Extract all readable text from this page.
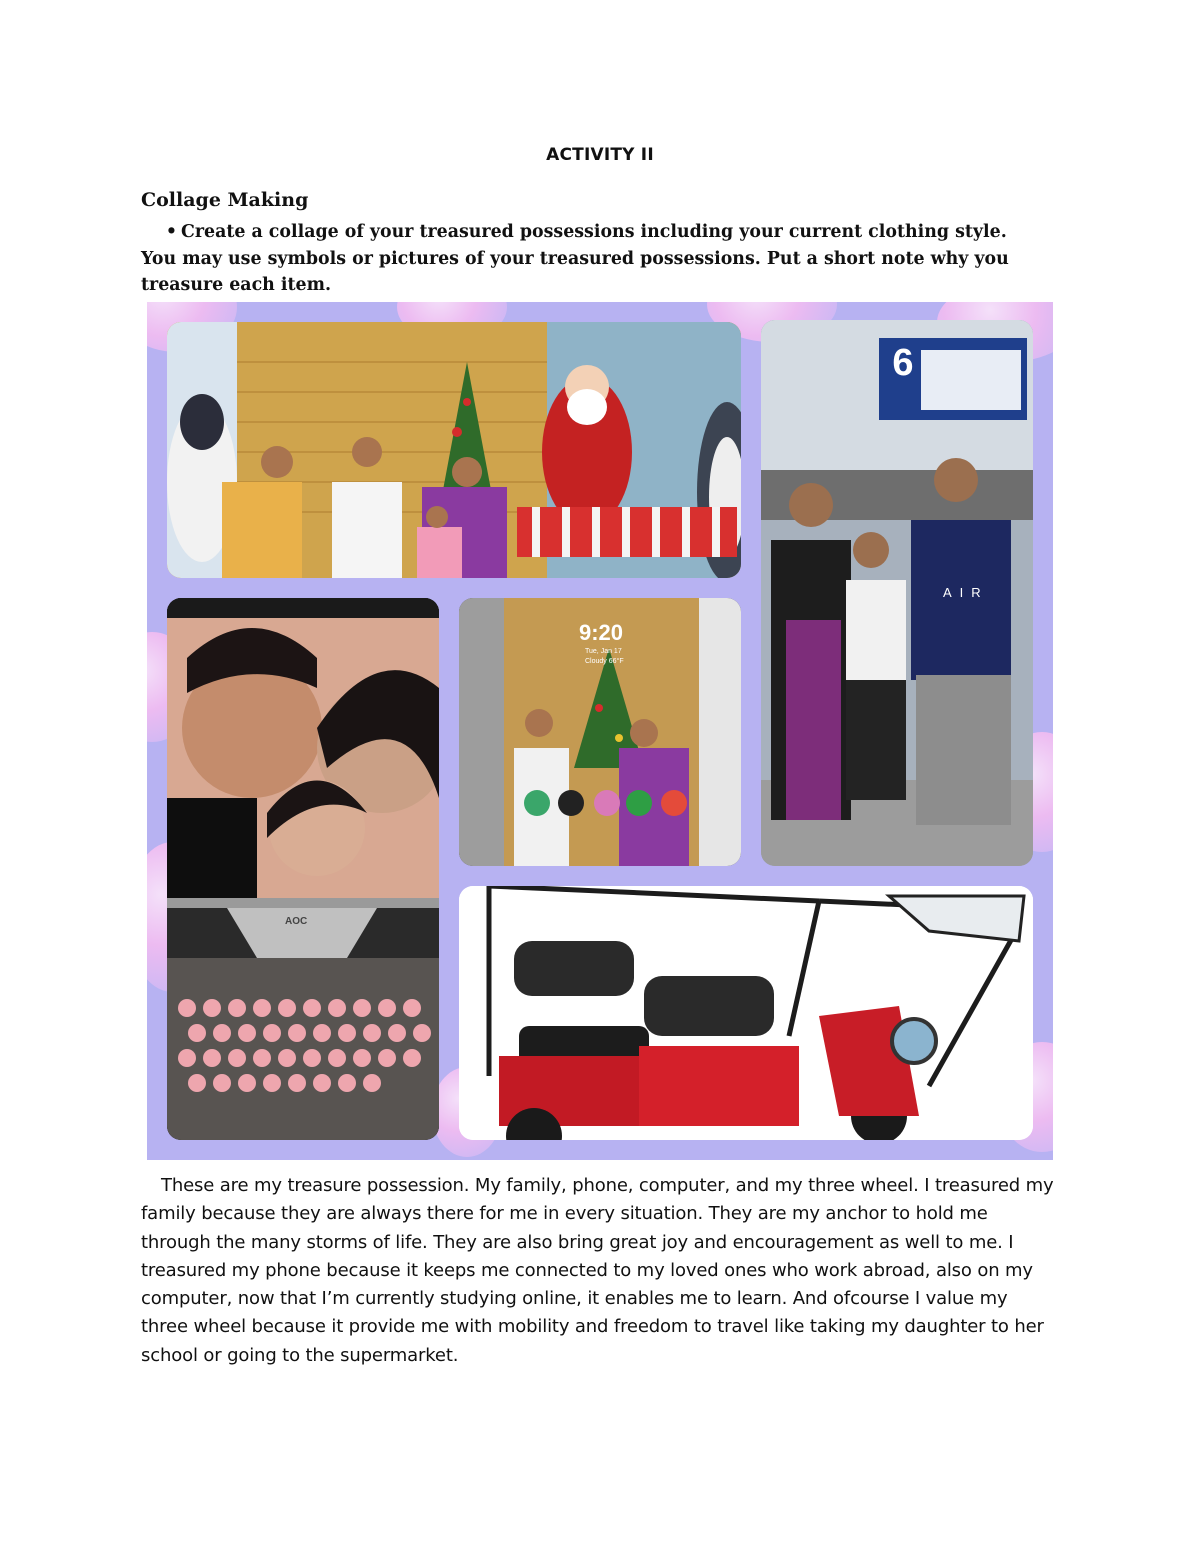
ACTIVITY II
Collage Making
• Create a collage of your treasured possessions including your current clothing style. You may use symbols or pictures of your treasured possessions. Put a short note why you treasure each item.
6
AIR
AOC
9:20
Tue, Jan 17
Cloudy 66°F
These are my treasure possession. My family, phone, computer, and my three wheel. I treasured my family because they are always there for me in every situation. They are my anchor to hold me through the many storms of life. They are also bring great joy and encouragement as well to me. I treasured my phone because it keeps me connected to my loved ones who work abroad, also on my computer, now that I’m currently studying online, it enables me to learn. And ofcourse I value my three wheel because it provide me with mobility and freedom to travel like taking my daughter to her school or going to the supermarket.
